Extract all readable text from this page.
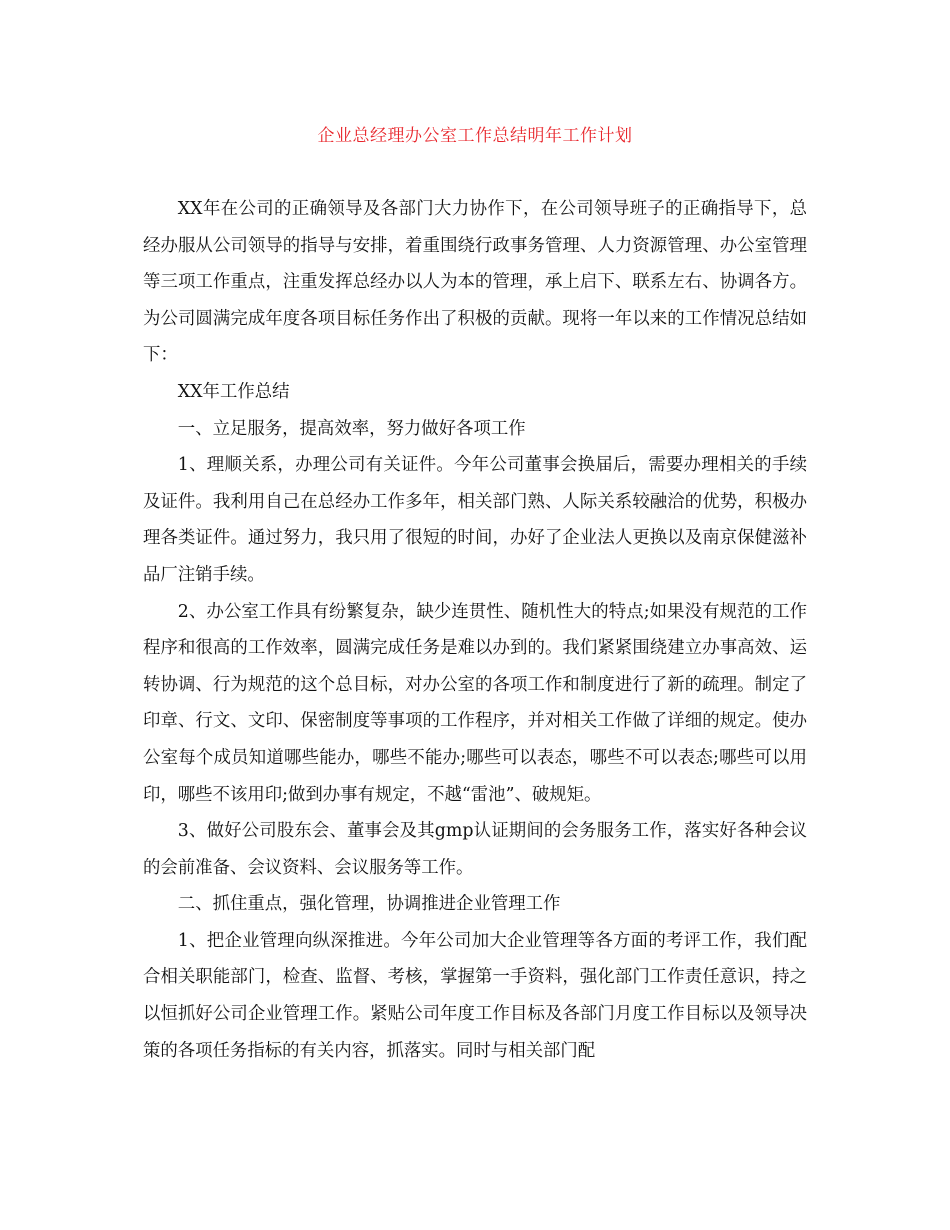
企业总经理办公室工作总结明年工作计划

XX年在公司的正确领导及各部门大力协作下，在公司领导班子的正确指导下，总经办服从公司领导的指导与安排，着重围绕行政事务管理、人力资源管理、办公室管理等三项工作重点，注重发挥总经办以人为本的管理，承上启下、联系左右、协调各方。为公司圆满完成年度各项目标任务作出了积极的贡献。现将一年以来的工作情况总结如下：

XX年工作总结

一、立足服务，提高效率，努力做好各项工作

1、理顺关系，办理公司有关证件。今年公司董事会换届后，需要办理相关的手续及证件。我利用自己在总经办工作多年，相关部门熟、人际关系较融洽的优势，积极办理各类证件。通过努力，我只用了很短的时间，办好了企业法人更换以及南京保健滋补品厂注销手续。

2、办公室工作具有纷繁复杂，缺少连贯性、随机性大的特点;如果没有规范的工作程序和很高的工作效率，圆满完成任务是难以办到的。我们紧紧围绕建立办事高效、运转协调、行为规范的这个总目标，对办公室的各项工作和制度进行了新的疏理。制定了印章、行文、文印、保密制度等事项的工作程序，并对相关工作做了详细的规定。使办公室每个成员知道哪些能办，哪些不能办;哪些可以表态，哪些不可以表态;哪些可以用印，哪些不该用印;做到办事有规定，不越“雷池”、破规矩。

3、做好公司股东会、董事会及其gmp认证期间的会务服务工作，落实好各种会议的会前准备、会议资料、会议服务等工作。

二、抓住重点，强化管理，协调推进企业管理工作

1、把企业管理向纵深推进。今年公司加大企业管理等各方面的考评工作，我们配合相关职能部门，检查、监督、考核，掌握第一手资料，强化部门工作责任意识，持之以恒抓好公司企业管理工作。紧贴公司年度工作目标及各部门月度工作目标以及领导决策的各项任务指标的有关内容，抓落实。同时与相关部门配
